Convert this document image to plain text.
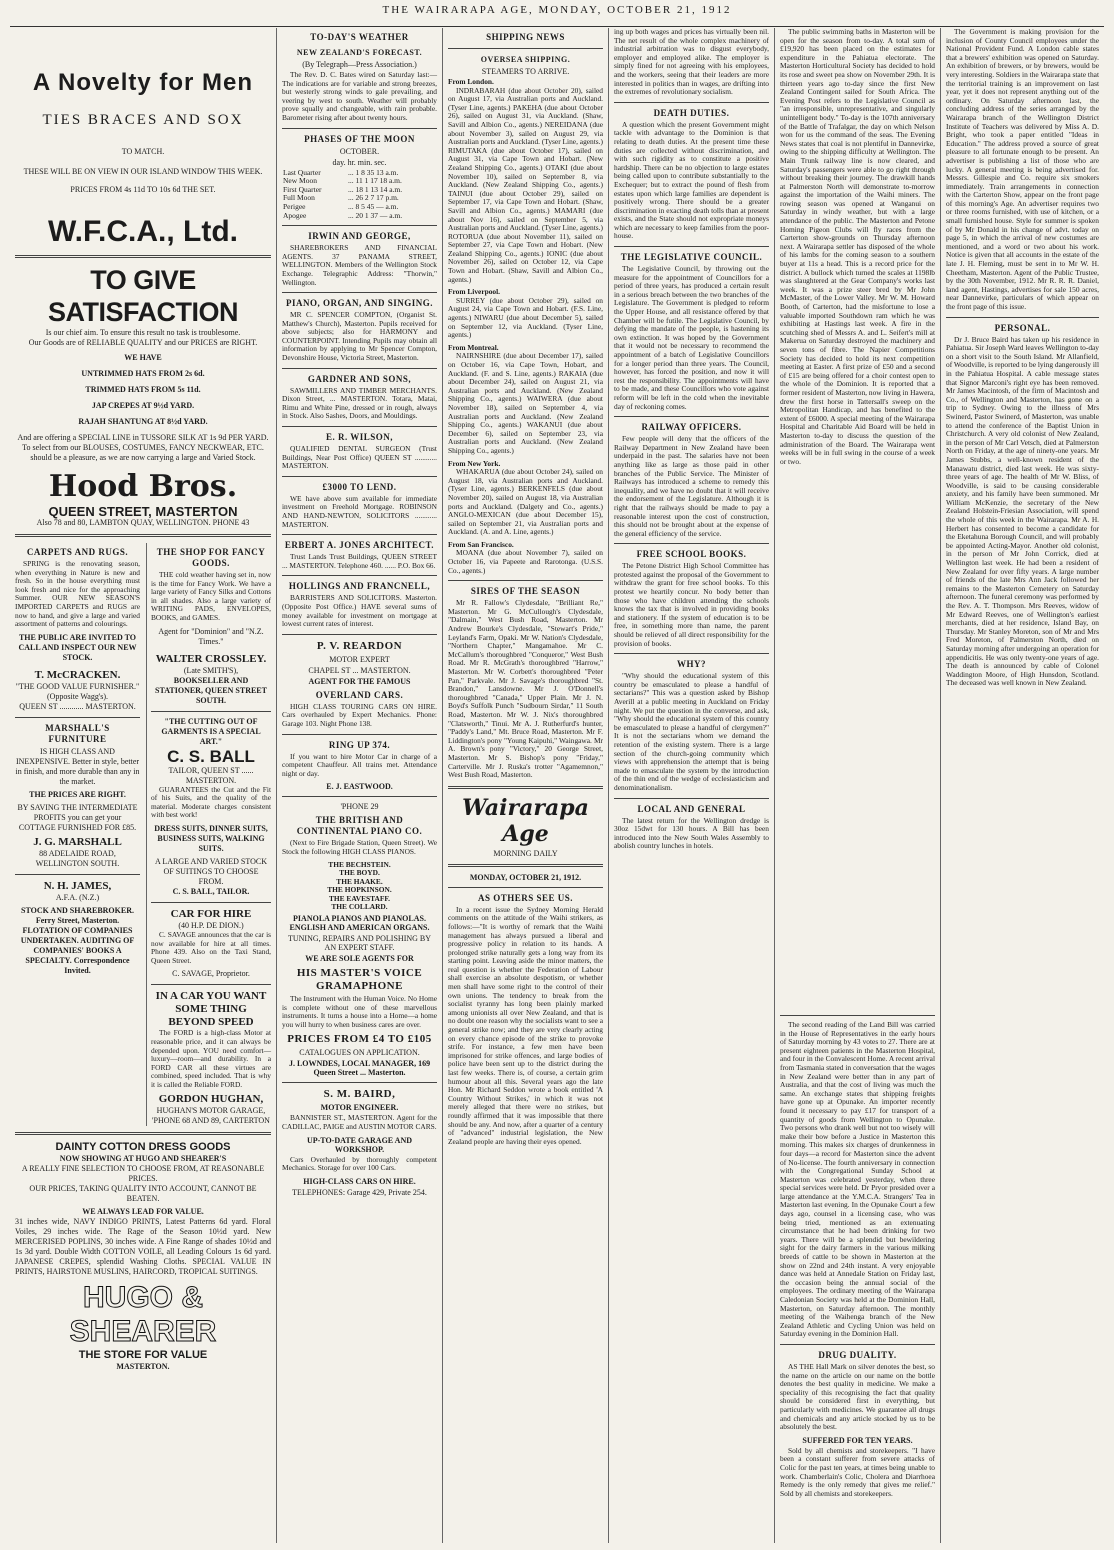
THE WAIRARAPA AGE, MONDAY, OCTOBER 21, 1912
A Novelty for Men
TIES BRACES AND SOX
TO MATCH.
THESE WILL BE ON VIEW IN OUR ISLAND WINDOW THIS WEEK.
PRICES FROM 4s 11d TO 10s 6d THE SET.
W.F.C.A., Ltd.
TO GIVE SATISFACTION
Is our chief aim. To ensure this result no task is troublesome.
Our Goods are of RELIABLE QUALITY and our PRICES are RIGHT.
WE HAVE
UNTRIMMED HATS FROM 2s 6d.
TRIMMED HATS FROM 5s 11d.
JAP CREPES AT 9½d YARD.
RAJAH SHANTUNG AT 8½d YARD.
And are offering a SPECIAL LINE in TUSSORE SILK AT 1s 9d PER YARD.
To select from our BLOUSES, COSTUMES, FANCY NECKWEAR, ETC. should be a pleasure, as we are now carrying a large and Varied Stock.
Hood Bros.
QUEEN STREET, MASTERTON
Also 78 and 80, LAMBTON QUAY, WELLINGTON. PHONE 43
CARPETS AND RUGS.

SPRING is the renovating season, when everything in Nature is new and fresh. So in the house everything must look fresh and nice for the approaching Summer. OUR NEW SEASON'S IMPORTED CARPETS and RUGS are now to hand, and give a large and varied assortment of patterns and colourings.

THE PUBLIC ARE INVITED TO CALL AND INSPECT OUR NEW STOCK.
T. McCRACKEN.
"THE GOOD VALUE FURNISHER."
(Opposite Wagg's).
QUEEN ST ............ MASTERTON.
MARSHALL'S FURNITURE
IS HIGH CLASS AND INEXPENSIVE. Better in style, better in finish, and more durable than any in the market.
THE PRICES ARE RIGHT.
BY SAVING THE INTERMEDIATE PROFITS you can get your COTTAGE FURNISHED FOR £85.
J. G. MARSHALL
88 ADELAIDE ROAD, WELLINGTON SOUTH.
N. H. JAMES,
A.F.A. (N.Z.)
STOCK AND SHAREBROKER. Ferry Street, Masterton. FLOTATION OF COMPANIES UNDERTAKEN. AUDITING OF COMPANIES' BOOKS A SPECIALTY. Correspondence Invited.
THE SHOP FOR FANCY GOODS.

THE cold weather having set in, now is the time for Fancy Work. We have a large variety of Fancy Silks and Cottons in all shades. Also a large variety of WRITING PADS, ENVELOPES, BOOKS, and GAMES.

Agent for "Dominion" and "N.Z. Times."
WALTER CROSSLEY.
(Late SMITH'S),
BOOKSELLER AND STATIONER, QUEEN STREET SOUTH.
"THE CUTTING OUT OF GARMENTS IS A SPECIAL ART."
C. S. BALL
TAILOR, QUEEN ST ...... MASTERTON.

GUARANTEES the Cut and the Fit of his Suits, and the quality of the material. Moderate charges consistent with best work!

DRESS SUITS, DINNER SUITS, BUSINESS SUITS, WALKING SUITS.
A LARGE AND VARIED STOCK OF SUITINGS TO CHOOSE FROM.
C. S. BALL, TAILOR.
CAR FOR HIRE
(40 H.P. DE DION.)

C. SAVAGE announces that the car is now available for hire at all times. Phone 439. Also on the Taxi Stand, Queen Street.

C. SAVAGE, Proprietor.
IN A CAR YOU WANT SOME THING BEYOND SPEED

The FORD is a high-class Motor at reasonable price, and it can always be depended upon. YOU need comfort—luxury—room—and durability. In a FORD CAR all these virtues are combined, speed included. That is why it is called the Reliable FORD.

GORDON HUGHAN,
HUGHAN'S MOTOR GARAGE, 'PHONE 68 AND 89, CARTERTON
DAINTY COTTON DRESS GOODS
NOW SHOWING AT HUGO AND SHEARER'S
A REALLY FINE SELECTION TO CHOOSE FROM, AT REASONABLE PRICES.
OUR PRICES, TAKING QUALITY INTO ACCOUNT, CANNOT BE BEATEN.
WE ALWAYS LEAD FOR VALUE.
31 inches wide, NAVY INDIGO PRINTS, Latest Patterns 6d yard. Floral Voiles, 29 inches wide. The Rage of the Season 10½d yard. New MERCERISED POPLINS, 30 inches wide. A Fine Range of shades 10½d and 1s 3d yard. Double Width COTTON VOILE, all Leading Colours 1s 6d yard. JAPANESE CREPES, splendid Washing Cloths. SPECIAL VALUE IN PRINTS, HAIRSTONE MUSLINS, HAIRCORD, TROPICAL SUITINGS.
HUGO & SHEARER
THE STORE FOR VALUE
MASTERTON.
TO-DAY'S WEATHER
NEW ZEALAND'S FORECAST.
(By Telegraph—Press Association.)

The Rev. D. C. Bates wired on Saturday last:—The indications are for variable and strong breezes, but westerly strong winds to gale prevailing, and veering by west to south. Weather will probably prove squally and changeable, with rain probable. Barometer rising after about twenty hours.

PHASES OF THE MOON
OCTOBER.
day. hr. min. sec.
Last Quarter	... 1 8 35 13 a.m.
New Moon	... 11 1 17 18 a.m.
First Quarter	... 18 1 13 14 a.m.
Full Moon	... 26 2 7 17 p.m.
Perigee	... 8 5 45 — a.m.
Apogee	... 20 1 37 — a.m.
IRWIN AND GEORGE,

SHAREBROKERS AND FINANCIAL AGENTS. 37 PANAMA STREET, WELLINGTON. Members of the Wellington Stock Exchange. Telegraphic Address: "Thorwin," Wellington.

PIANO, ORGAN, AND SINGING.

MR C. SPENCER COMPTON, (Organist St. Matthew's Church), Masterton. Pupils received for above subjects; also for HARMONY and COUNTERPOINT. Intending Pupils may obtain all information by applying to Mr Spencer Compton, Devonshire House, Victoria Street, Masterton.

GARDNER AND SONS,

SAWMILLERS AND TIMBER MERCHANTS. Dixon Street, ... MASTERTON. Totara, Matai, Rimu and White Pine, dressed or in rough, always in Stock. Also Sashes, Doors, and Mouldings.

E. R. WILSON,

QUALIFIED DENTAL SURGEON (Trust Buildings, Near Post Office) QUEEN ST ............ MASTERTON.

£3000 TO LEND.

WE have above sum available for immediate investment on Freehold Mortgage. ROBINSON AND HAND-NEWTON, SOLICITORS ............ MASTERTON.

ERBERT A. JONES ARCHITECT.

Trust Lands Trust Buildings, QUEEN STREET ... MASTERTON. Telephone 460. ...... P.O. Box 66.

HOLLINGS AND FRANCNELL,

BARRISTERS AND SOLICITORS. Masterton. (Opposite Post Office.) HAVE several sums of money available for investment on mortgage at lowest current rates of interest.

P. V. REARDON
MOTOR EXPERT
CHAPEL ST ... MASTERTON.
AGENT FOR THE FAMOUS
OVERLAND CARS.

HIGH CLASS TOURING CARS ON HIRE. Cars overhauled by Expert Mechanics. Phone: Garage 103. Night Phone 138.

RING UP 374.

If you want to hire Motor Car in charge of a competent Chauffeur. All trains met. Attendance night or day.

E. J. EASTWOOD.
'PHONE 29
THE BRITISH AND CONTINENTAL PIANO CO.

(Next to Fire Brigade Station, Queen Street). We Stock the following HIGH CLASS PIANOS.

THE BECHSTEIN.
THE BOYD.
THE HAAKE.
THE HOPKINSON.
THE EAVESTAFF.
THE COLLARD.
PIANOLA PIANOS AND PIANOLAS. ENGLISH AND AMERICAN ORGANS.
TUNING, REPAIRS AND POLISHING BY AN EXPERT STAFF.
WE ARE SOLE AGENTS FOR
HIS MASTER'S VOICE GRAMAPHONE

The Instrument with the Human Voice. No Home is complete without one of these marvellous instruments. It turns a house into a Home—a home you will hurry to when business cares are over.

PRICES FROM £4 TO £105
CATALOGUES ON APPLICATION.
J. LOWNDES, LOCAL MANAGER, 169 Queen Street ... Masterton.
S. M. BAIRD,
MOTOR ENGINEER.

BANNISTER ST., MASTERTON. Agent for the CADILLAC, PAIGE and AUSTIN MOTOR CARS.

UP-TO-DATE GARAGE AND WORKSHOP.

Cars Overhauled by thoroughly competent Mechanics. Storage for over 100 Cars.

HIGH-CLASS CARS ON HIRE.
TELEPHONES: Garage 429, Private 254.
SHIPPING NEWS
OVERSEA SHIPPING.
STEAMERS TO ARRIVE.
From London.

INDRABARAH (due about October 20), sailed on August 17, via Australian ports and Auckland. (Tyser Line, agents.) PAKEHA (due about October 26), sailed on August 31, via Auckland. (Shaw, Savill and Albion Co., agents.) NEREIDANA (due about November 3), sailed on August 29, via Australian ports and Auckland. (Tyser Line, agents.) RIMUTAKA (due about October 17), sailed on August 31, via Cape Town and Hobart. (New Zealand Shipping Co., agents.) OTAKI (due about November 10), sailed on September 8, via Auckland. (New Zealand Shipping Co., agents.) TAINUI (due about October 29), sailed on September 17, via Cape Town and Hobart. (Shaw, Savill and Albion Co., agents.) MAMARI (due about Nov 16), sailed on September 5, via Australian ports and Auckland. (Tyser Line, agents.) ROTORUA (due about November 11), sailed on September 27, via Cape Town and Hobart. (New Zealand Shipping Co., agents.) IONIC (due about November 26), sailed on October 12, via Cape Town and Hobart. (Shaw, Savill and Albion Co., agents.)

From Liverpool.

SURREY (due about October 29), sailed on August 24, via Cape Town and Hobart. (F.S. Line, agents.) NIWARU (due about December 5), sailed on September 12, via Auckland. (Tyser Line, agents.)

From Montreal.

NAIRNSHIRE (due about December 17), sailed on October 16, via Cape Town, Hobart, and Auckland. (F. and S. Line, agents.) RAKAIA (due about December 24), sailed on August 21, via Australian ports and Auckland. (New Zealand Shipping Co., agents.) WAIWERA (due about November 18), sailed on September 4, via Australian ports and Auckland. (New Zealand Shipping Co., agents.) WAKANUI (due about December 6), sailed on September 23, via Australian ports and Auckland. (New Zealand Shipping Co., agents.)

From New York.

WHAKARUA (due about October 24), sailed on August 18, via Australian ports and Auckland. (Tyser Line, agents.) BERKENFELS (due about November 20), sailed on August 18, via Australian ports and Auckland. (Dalgety and Co., agents.) ANGLO-MEXICAN (due about December 15), sailed on September 21, via Australian ports and Auckland. (A. and A. Line, agents.)

From San Francisco.

MOANA (due about November 7), sailed on October 16, via Papeete and Rarotonga. (U.S.S. Co., agents.)

SIRES OF THE SEASON

Mr R. Fallow's Clydesdale, "Brilliant Re," Masterton. Mr G. McCullough's Clydesdale, "Dalmain," West Bush Road, Masterton. Mr Andrew Bourke's Clydesdale, "Stewart's Pride," Leyland's Farm, Opaki. Mr W. Nation's Clydesdale, "Northern Chapter," Mangamahoe. Mr C. McCallum's thoroughbred "Conqueror," West Bush Road. Mr R. McGrath's thoroughbred "Harrow," Masterton. Mr W. Corbett's thoroughbred "Peter Pan," Parkvale. Mr J. Savage's thoroughbred "St. Brandon," Lansdowne. Mr J. O'Donnell's thoroughbred "Canada," Upper Plain. Mr J. N. Boyd's Suffolk Punch "Sudbourn Sirdar," 11 South Road, Masterton. Mr W. J. Nix's thoroughbred "Clatsworth," Tinui. Mr A. J. Rutherfurd's hunter, "Paddy's Land," Mt. Bruce Road, Masterton. Mr F. Liddington's pony "Young Kaipuhi," Waingawa. Mr A. Brown's pony "Victory," 20 George Street, Masterton. Mr S. Bishop's pony "Friday," Carterville. Mr J. Ruska's trotter "Agamemnon," West Bush Road, Masterton.

Wairarapa Age
MORNING DAILY
MONDAY, OCTOBER 21, 1912.
AS OTHERS SEE US.

In a recent issue the Sydney Morning Herald comments on the attitude of the Waihi strikers, as follows:—"It is worthy of remark that the Waihi management has always pursued a liberal and progressive policy in relation to its hands. A prolonged strike naturally gets a long way from its starting point. Leaving aside the minor matters, the real question is whether the Federation of Labour shall exercise an absolute despotism, or whether men shall have some right to the control of their own unions. The tendency to break from the socialist tyranny has long been plainly marked among unionists all over New Zealand, and that is no doubt one reason why the socialists want to see a general strike now; and they are very clearly acting on every chance episode of the strike to provoke strife. For instance, a few men have been imprisoned for strike offences, and large bodies of police have been sent up to the district during the last few weeks. There is, of course, a certain grim humour about all this. Several years ago the late Hon. Mr Richard Seddon wrote a book entitled 'A Country Without Strikes,' in which it was not merely alleged that there were no strikes, but roundly affirmed that it was impossible that there should be any. And now, after a quarter of a century of "advanced" industrial legislation, the New Zealand people are having their eyes opened.

ing up both wages and prices has virtually been nil. The net result of the whole complex machinery of industrial arbitration was to disgust everybody, employer and employed alike. The employer is simply fined for not agreeing with his employees, and the workers, seeing that their leaders are more interested in politics than in wages, are drifting into the extremes of revolutionary socialism.

DEATH DUTIES.

A question which the present Government might tackle with advantage to the Dominion is that relating to death duties. At the present time these duties are collected without discrimination, and with such rigidity as to constitute a positive hardship. There can be no objection to large estates being called upon to contribute substantially to the Exchequer; but to extract the pound of flesh from estates upon which large families are dependent is positively wrong. There should be a greater discrimination in exacting death tolls than at present exists, and the State should not expropriate moneys which are necessary to keep families from the poor-house.

THE LEGISLATIVE COUNCIL.

The Legislative Council, by throwing out the measure for the appointment of Councillors for a period of three years, has produced a certain result in a serious breach between the two branches of the Legislature. The Government is pledged to reform the Upper House, and all resistance offered by that Chamber will be futile. The Legislative Council, by defying the mandate of the people, is hastening its own extinction. It was hoped by the Government that it would not be necessary to recommend the appointment of a batch of Legislative Councillors for a longer period than three years. The Council, however, has forced the position, and now it will rest the responsibility. The appointments will have to be made, and these Councillors who vote against reform will be left in the cold when the inevitable day of reckoning comes.

RAILWAY OFFICERS.

Few people will deny that the officers of the Railway Department in New Zealand have been underpaid in the past. The salaries have not been anything like as large as those paid in other branches of the Public Service. The Minister of Railways has introduced a scheme to remedy this inequality, and we have no doubt that it will receive the endorsement of the Legislature. Although it is right that the railways should be made to pay a reasonable interest upon the cost of construction, this should not be brought about at the expense of the general efficiency of the service.

FREE SCHOOL BOOKS.

The Petone District High School Committee has protested against the proposal of the Government to withdraw the grant for free school books. To this protest we heartily concur. No body better than those who have children attending the schools knows the tax that is involved in providing books and stationery. If the system of education is to be free, in something more than name, the parent should be relieved of all direct responsibility for the provision of books.

WHY?

"Why should the educational system of this country be emasculated to please a handful of sectarians?" This was a question asked by Bishop Averill at a public meeting in Auckland on Friday night. We put the question in the converse, and ask, "Why should the educational system of this country be emasculated to please a handful of clergymen?" It is not the sectarians whom we demand the retention of the existing system. There is a large section of the church-going community which views with apprehension the attempt that is being made to emasculate the system by the introduction of the thin end of the wedge of ecclesiasticism and denominationalism.

LOCAL AND GENERAL

The latest return for the Wellington dredge is 30oz 15dwt for 130 hours. A Bill has been introduced into the New South Wales Assembly to abolish country lunches in hotels.

The public swimming baths in Masterton will be open for the season from to-day. A total sum of £19,920 has been placed on the estimates for expenditure in the Pahiatua electorate. The Masterton Horticultural Society has decided to hold its rose and sweet pea show on November 29th. It is thirteen years ago to-day since the first New Zealand Contingent sailed for South Africa. The Evening Post refers to the Legislative Council as "an irresponsible, unrepresentative, and singularly unintelligent body." To-day is the 107th anniversary of the Battle of Trafalgar, the day on which Nelson won for us the command of the seas. The Evening News states that coal is not plentiful in Dannevirke, owing to the shipping difficulty at Wellington. The Main Trunk railway line is now cleared, and Saturday's passengers were able to go right through without breaking their journey. The drawkill hands at Palmerston North will demonstrate to-morrow against the importation of the Waihi miners. The rowing season was opened at Wanganui on Saturday in windy weather, but with a large attendance of the public. The Masterton and Petone Homing Pigeon Clubs will fly races from the Carterton show-grounds on Thursday afternoon next. A Wairarapa settler has disposed of the whole of his lambs for the coming season to a southern buyer at 11s a head. This is a record price for the district. A bullock which turned the scales at 1198lb was slaughtered at the Gear Company's works last week. It was a prize steer bred by Mr John McMaster, of the Lower Valley. Mr W. M. Howard Booth, of Carterton, had the misfortune to lose a valuable imported Southdown ram which he was exhibiting at Hastings last week. A fire in the scutching shed of Messrs A. and L. Seifert's mill at Makerua on Saturday destroyed the machinery and seven tons of fibre. The Napier Competitions Society has decided to hold its next competition meeting at Easter. A first prize of £50 and a second of £15 are being offered for a choir contest open to the whole of the Dominion. It is reported that a former resident of Masterton, now living in Hawera, drew the first horse in Tattersall's sweep on the Metropolitan Handicap, and has benefited to the extent of £6000. A special meeting of the Wairarapa Hospital and Charitable Aid Board will be held in Masterton to-day to discuss the question of the administration of the Board. The Wairarapa went weeks will be in full swing in the course of a week or two.

The Government is making provision for the inclusion of County Council employees under the National Provident Fund. A London cable states that a brewers' exhibition was opened on Saturday. An exhibition of brewers, or by brewers, would be very interesting. Soldiers in the Wairarapa state that the territorial training is an improvement on last year, yet it does not represent anything out of the ordinary. On Saturday afternoon last, the concluding address of the series arranged by the Wairarapa branch of the Wellington District Institute of Teachers was delivered by Miss A. D. Bright, who took a paper entitled "Ideas in Education." The address proved a source of great pleasure to all fortunate enough to be present. An advertiser is publishing a list of those who are lucky. A general meeting is being advertised for. Messrs. Gillespie and Co. require six smokers immediately. Train arrangements in connection with the Carterton Show, appear on the front page of this morning's Age. An advertiser requires two or three rooms furnished, with use of kitchen, or a small furnished house. Style for summer is spoken of by Mr Donald in his change of advt. today on page 5, in which the arrival of new costumes are mentioned, and a word or two about his work. Notice is given that all accounts in the estate of the late J. H. Fleming, must be sent in to Mr W. H. Cheetham, Masterton. Agent of the Public Trustee, by the 30th November, 1912. Mr R. R. R. Daniel, land agent, Hastings, advertises for sale 150 acres, near Dannevirke, particulars of which appear on the front page of this issue.

PERSONAL.

Dr J. Bruce Baird has taken up his residence in Pahiatua. Sir Joseph Ward leaves Wellington to-day on a short visit to the South Island. Mr Allanfield, of Woodville, is reported to be lying dangerously ill in the Pahiatua Hospital. A cable message states that Signor Marconi's right eye has been removed. Mr James Macintosh, of the firm of Macintosh and Co., of Wellington and Masterton, has gone on a trip to Sydney. Owing to the illness of Mrs Swinerd, Pastor Swinerd, of Masterton, was unable to attend the conference of the Baptist Union in Christchurch. A very old colonist of New Zealand, in the person of Mr Carl Vetsch, died at Palmerston North on Friday, at the age of ninety-one years. Mr James Stubbs, a well-known resident of the Manawatu district, died last week. He was sixty-three years of age. The health of Mr W. Bliss, of Woodville, is said to be causing considerable anxiety, and his family have been summoned. Mr William McKenzie, the secretary of the New Zealand Holstein-Friesian Association, will spend the whole of this week in the Wairarapa. Mr A. H. Herbert has consented to become a candidate for the Eketahuna Borough Council, and will probably be appointed Acting-Mayor. Another old colonist, in the person of Mr John Corrick, died at Wellington last week. He had been a resident of New Zealand for over fifty years. A large number of friends of the late Mrs Ann Jack followed her remains to the Masterton Cemetery on Saturday afternoon. The funeral ceremony was performed by the Rev. A. T. Thompson. Mrs Reeves, widow of Mr Edward Reeves, one of Wellington's earliest merchants, died at her residence, Island Bay, on Thursday. Mr Stanley Moreton, son of Mr and Mrs Fred Moreton, of Palmerston North, died on Saturday morning after undergoing an operation for appendicitis. He was only twenty-one years of age. The death is announced by cable of Colonel Waddington Moore, of High Hunsdon, Scotland. The deceased was well known in New Zealand.

The second reading of the Land Bill was carried in the House of Representatives in the early hours of Saturday morning by 43 votes to 27. There are at present eighteen patients in the Masterton Hospital, and four in the Convalescent Home. A recent arrival from Tasmania stated in conversation that the wages in New Zealand were better than in any part of Australia, and that the cost of living was much the same. An exchange states that shipping freights have gone up at Opunake. An importer recently found it necessary to pay £17 for transport of a quantity of goods from Wellington to Opunake. Two persons who drank well but not too wisely will make their bow before a Justice in Masterton this morning. This makes six charges of drunkenness in four days—a record for Masterton since the advent of No-license. The fourth anniversary in connection with the Congregational Sunday School at Masterton was celebrated yesterday, when three special services were held. Dr Pryor presided over a large attendance at the Y.M.C.A. Strangers' Tea in Masterton last evening. In the Opunake Court a few days ago, counsel in a licensing case, who was being tried, mentioned as an extenuating circumstance that he had been drinking for two years. There will be a splendid but bewildering sight for the dairy farmers in the various milking breeds of cattle to be shown in Masterton at the show on 22nd and 24th instant. A very enjoyable dance was held at Annedale Station on Friday last, the occasion being the annual social of the employees. The ordinary meeting of the Wairarapa Caledonian Society was held at the Dominion Hall, Masterton, on Saturday afternoon. The monthly meeting of the Waihenga branch of the New Zealand Athletic and Cycling Union was held on Saturday evening in the Dominion Hall.

DRUG DUALITY.

AS THE Hall Mark on silver denotes the best, so the name on the article on our name on the bottle denotes the best quality in medicine. We make a speciality of this recognising the fact that quality should be considered first in everything, but particularly with medicines. We guarantee all drugs and chemicals and any article stocked by us to be absolutely the best.

SUFFERED FOR TEN YEARS.

Sold by all chemists and storekeepers. "I have been a constant sufferer from severe attacks of Colic for the past ten years, at times being unable to work. Chamberlain's Colic, Cholera and Diarrhoea Remedy is the only remedy that gives me relief." Sold by all chemists and storekeepers.
